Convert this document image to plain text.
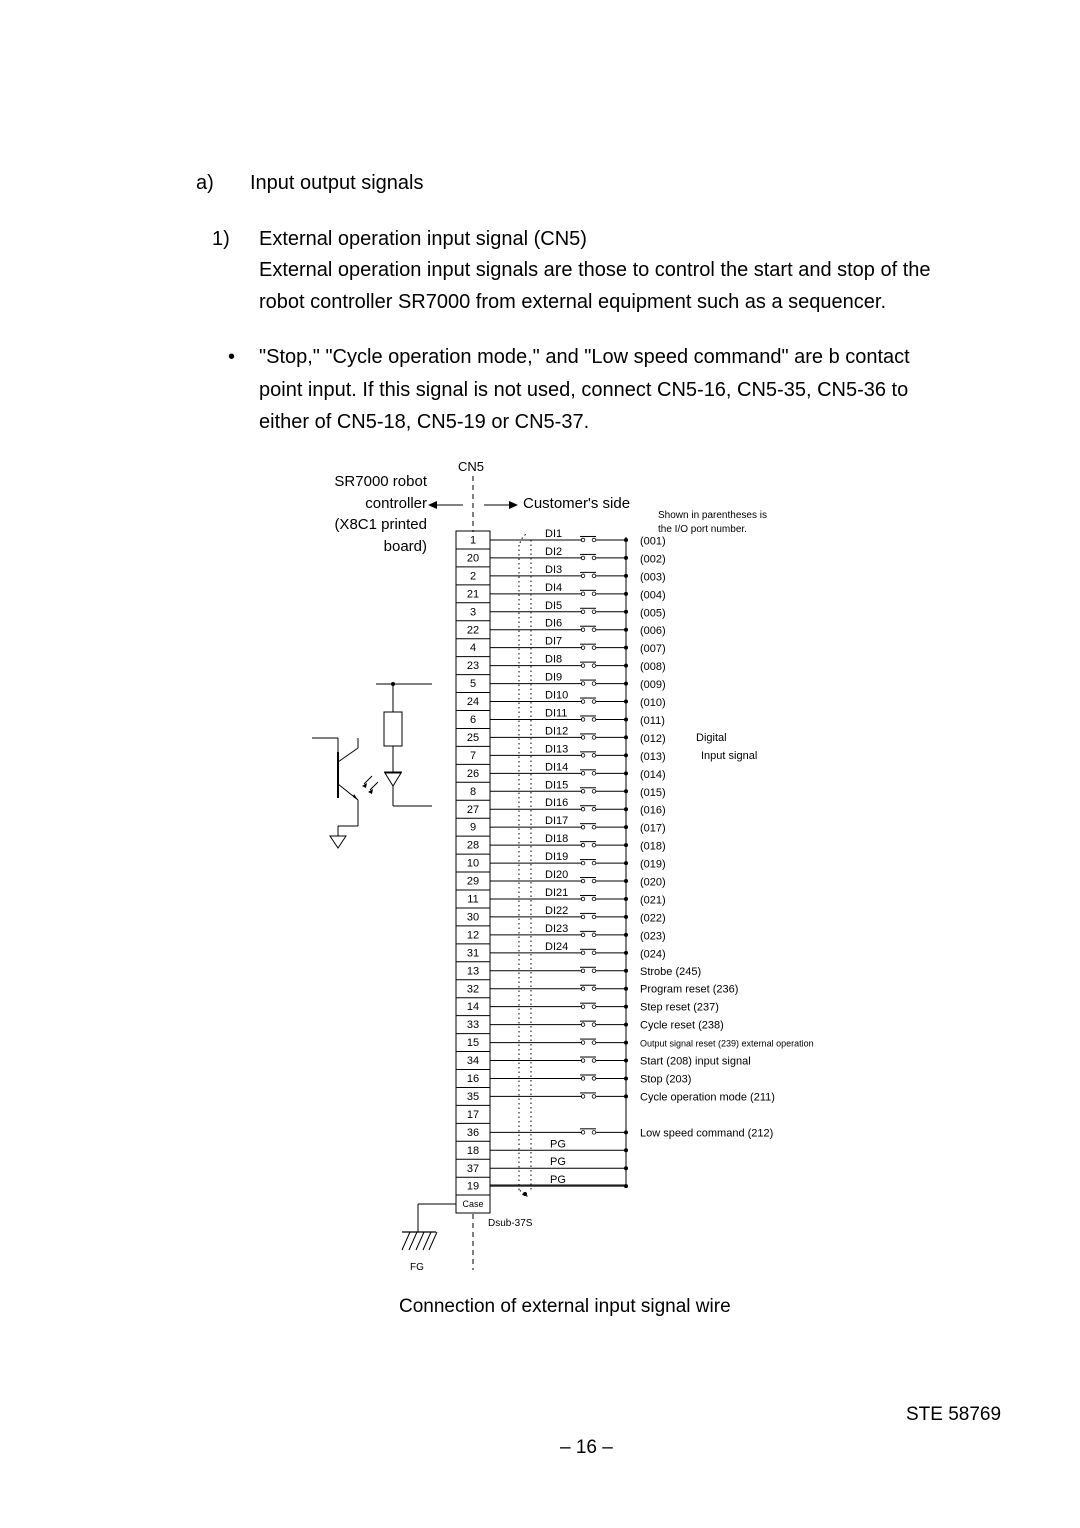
a) Input output signals
1) External operation input signal (CN5)
External operation input signals are those to control the start and stop of the
robot controller SR7000 from external equipment such as a sequencer.
• "Stop," "Cycle operation mode," and "Low speed command" are b contact
point input. If this signal is not used, connect CN5-16, CN5-35, CN5-36 to
either of CN5-18, CN5-19 or CN5-37.
1
20
2
21
3
22
4
23
5
24
6
25
7
26
8
27
9
28
10
29
11
30
12
31
13
32
14
33
15
34
16
35
17
36
18
37
19
DI1
(001)
DI2
(002)
DI3
(003)
DI4
(004)
DI5
(005)
DI6
(006)
DI7
(007)
DI8
(008)
DI9
(009)
DI10
(010)
DI11
(011)
DI12
(012)
DI13
(013)
DI14
(014)
DI15
(015)
DI16
(016)
DI17
(017)
DI18
(018)
DI19
(019)
DI20
(020)
DI21
(021)
DI22
(022)
DI23
(023)
DI24
(024)
Strobe (245)
Program reset (236)
Step reset (237)
Cycle reset (238)
Output signal reset (239) external operation
Start (208) input signal
Stop (203)
Cycle operation mode (211)
Low speed command (212)
PG
PG
PG
CN5
SR7000 robot
controller
(X8C1 printed
board)
Customer's side
Shown in parentheses is
the I/O port number.
Case
Dsub-37S
FG
Digital
Input signal
Connection of external input signal wire
STE 58769
– 16 –
